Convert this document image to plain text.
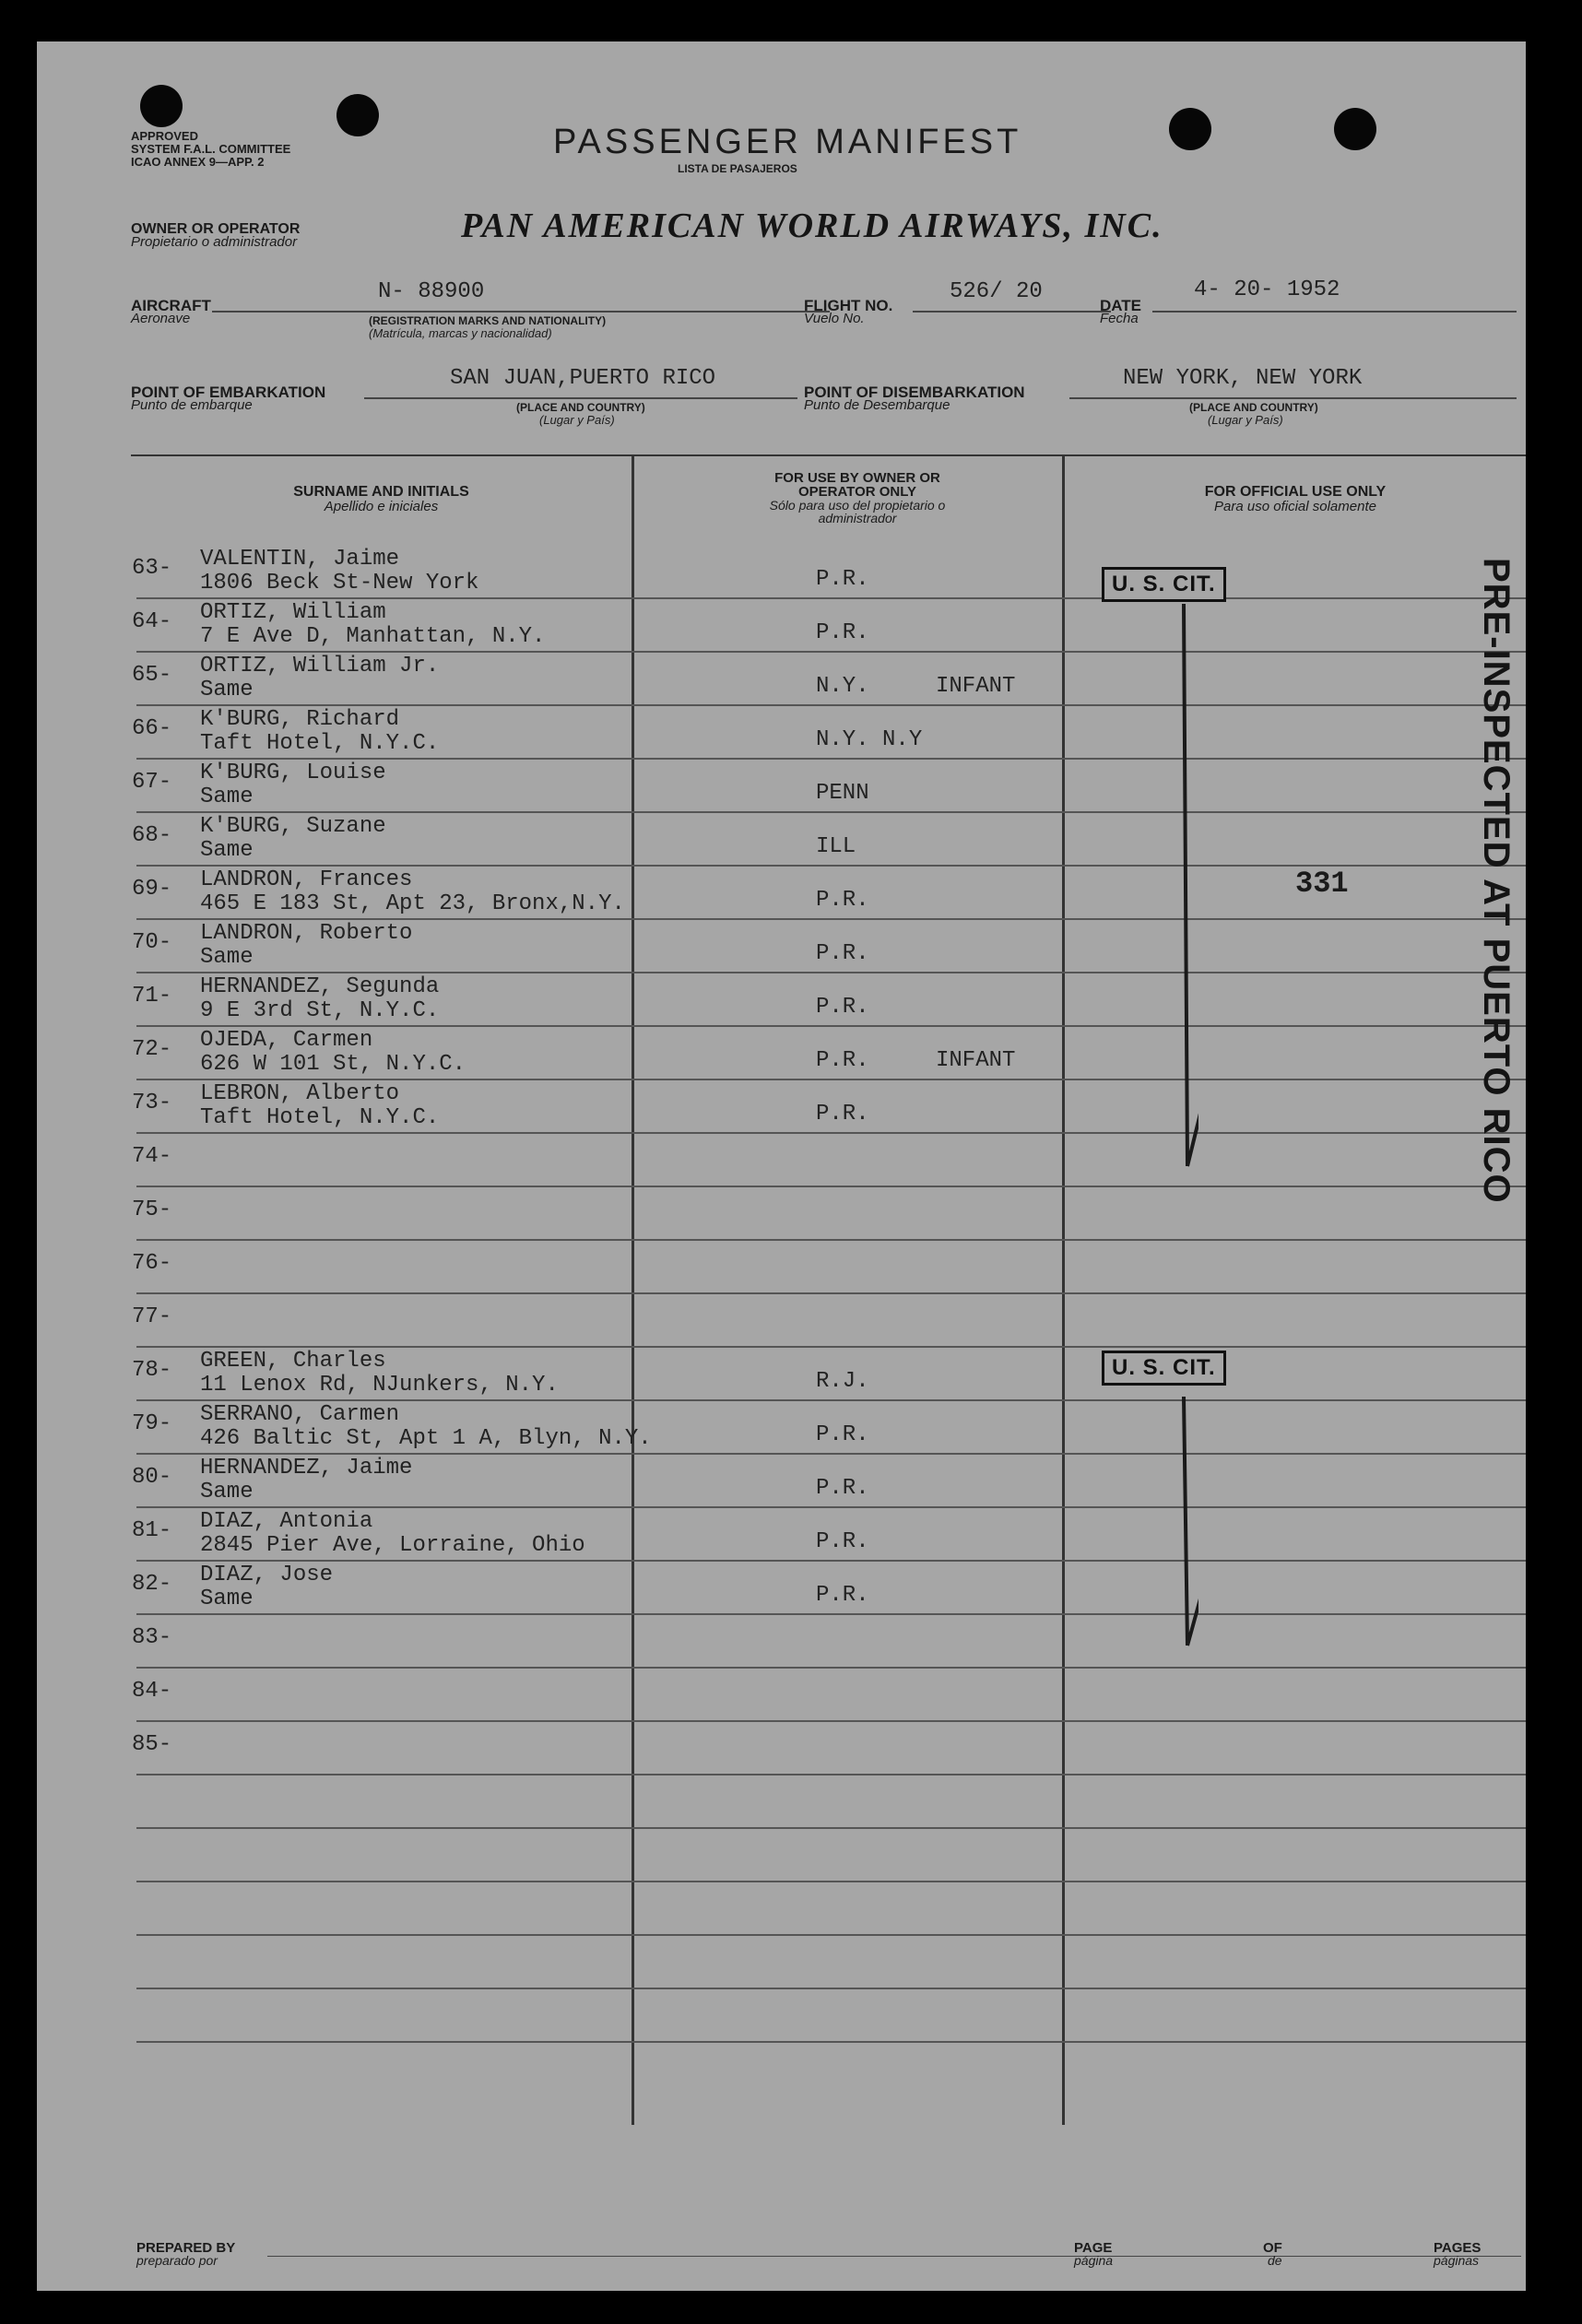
APPROVED
SYSTEM F.A.L. COMMITTEE
ICAO ANNEX 9—APP. 2
PASSENGER MANIFEST
LISTA DE PASAJEROS
OWNER OR OPERATOR
Propietario o administrador	PAN AMERICAN WORLD AIRWAYS, INC.
AIRCRAFT
Aeronave
N- 88900
(REGISTRATION MARKS AND NATIONALITY)
(Matrícula, marcas y nacionalidad)
FLIGHT NO.
Vuelo No.
526/ 20
DATE
Fecha
4- 20- 1952
POINT OF EMBARKATION
Punto de embarque
SAN JUAN,PUERTO RICO
(PLACE AND COUNTRY)
(Lugar y País)
POINT OF DISEMBARKATION
Punto de Desembarque
NEW YORK, NEW YORK
(PLACE AND COUNTRY)
(Lugar y País)
SURNAME AND INITIALS
Apellido e iniciales
FOR USE BY OWNER OR OPERATOR ONLY
Sólo para uso del propietario o administrador
FOR OFFICIAL USE ONLY
Para uso oficial solamente
63- VALENTIN, Jaime
1806 Beck St-New York	P.R.
64- ORTIZ, William
7 E Ave D, Manhattan, N.Y.	P.R.
65- ORTIZ, William Jr.
Same	N.Y.	INFANT
66- K'BURG, Richard
Taft Hotel, N.Y.C.	N.Y. N.Y
67- K'BURG, Louise
Same	PENN
68- K'BURG, Suzane
Same	ILL
69- LANDRON, Frances
465 E 183 St, Apt 23, Bronx,N.Y.	P.R.
70- LANDRON, Roberto
Same	P.R.
71- HERNANDEZ, Segunda
9 E 3rd St, N.Y.C.	P.R.
72- OJEDA, Carmen
626 W 101 St, N.Y.C.	P.R.	INFANT
73- LEBRON, Alberto
Taft Hotel, N.Y.C.	P.R.
74-
75-
76-
77-
78- GREEN, Charles
11 Lenox Rd, NJunkers, N.Y.	R.J.
79- SERRANO, Carmen
426 Baltic St, Apt 1 A, Blyn, N.Y.	P.R.
80- HERNANDEZ, Jaime
Same	P.R.
81- DIAZ, Antonia
2845 Pier Ave, Lorraine, Ohio	P.R.
82- DIAZ, Jose
Same	P.R.
83-
84-
85-
U. S. CIT.
U. S. CIT.
331	PRE-INSPECTED AT PUERTO RICO
PREPARED BY
preparado por
PAGE
página
OF
de
PAGES
páginas
